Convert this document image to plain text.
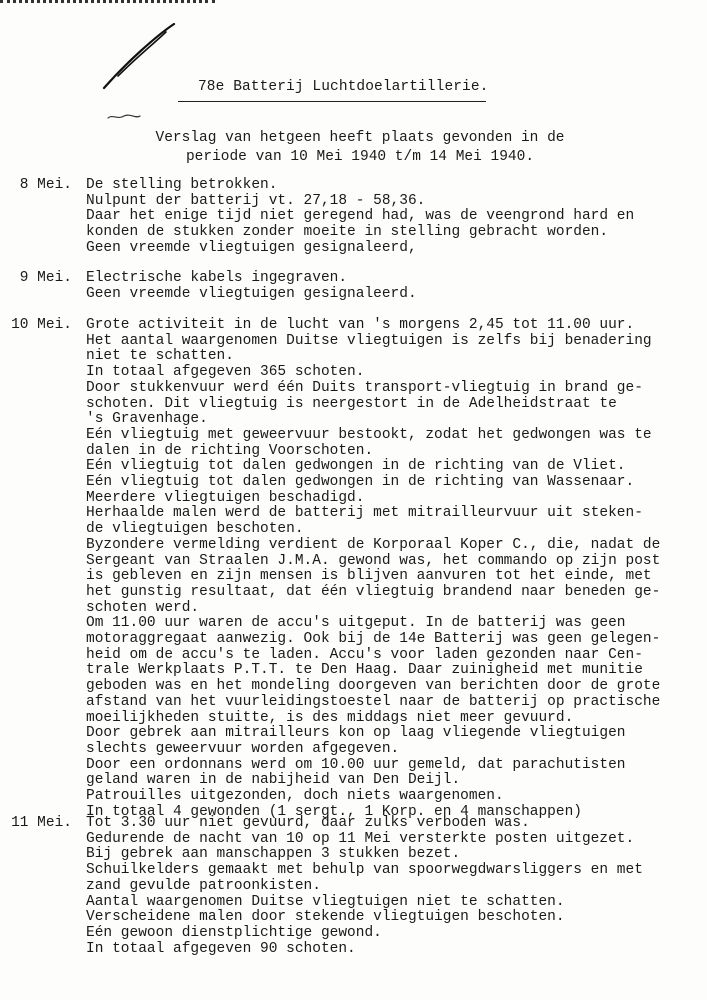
78e Batterij Luchtdoelartillerie.
Verslag van hetgeen heeft plaats gevonden in de
periode van 10 Mei 1940 t/m 14 Mei 1940.
8 Mei. De stelling betrokken.
Nulpunt der batterij vt. 27,18 - 58,36.
Daar het enige tijd niet geregend had, was de veengrond hard en
konden de stukken zonder moeite in stelling gebracht worden.
Geen vreemde vliegtuigen gesignaleerd,
9 Mei. Electrische kabels ingegraven.
Geen vreemde vliegtuigen gesignaleerd.
10 Mei. Grote activiteit in de lucht van 's morgens 2,45 tot 11.00 uur.
Het aantal waargenomen Duitse vliegtuigen is zelfs bij benadering
niet te schatten.
In totaal afgegeven 365 schoten.
Door stukkenvuur werd één Duits transport-vliegtuig in brand ge-
schoten. Dit vliegtuig is neergestort in de Adelheidstraat te
's Gravenhage.
Eén vliegtuig met geweervuur bestookt, zodat het gedwongen was te
dalen in de richting Voorschoten.
Eén vliegtuig tot dalen gedwongen in de richting van de Vliet.
Eén vliegtuig tot dalen gedwongen in de richting van Wassenaar.
Meerdere vliegtuigen beschadigd.
Herhaalde malen werd de batterij met mitrailleurvuur uit steken-
de vliegtuigen beschoten.
Byzondere vermelding verdient de Korporaal Koper C., die, nadat de
Sergeant van Straalen J.M.A. gewond was, het commando op zijn post
is gebleven en zijn mensen is blijven aanvuren tot het einde, met
het gunstig resultaat, dat één vliegtuig brandend naar beneden ge-
schoten werd.
Om 11.00 uur waren de accu's uitgeput. In de batterij was geen
motoraggregaat aanwezig. Ook bij de 14e Batterij was geen gelegen-
heid om de accu's te laden. Accu's voor laden gezonden naar Cen-
trale Werkplaats P.T.T. te Den Haag. Daar zuinigheid met munitie
geboden was en het mondeling doorgeven van berichten door de grote
afstand van het vuurleidingstoestel naar de batterij op practische
moeilijkheden stuitte, is des middags niet meer gevuurd.
Door gebrek aan mitrailleurs kon op laag vliegende vliegtuigen
slechts geweervuur worden afgegeven.
Door een ordonnans werd om 10.00 uur gemeld, dat parachutisten
geland waren in de nabijheid van Den Deijl.
Patrouilles uitgezonden, doch niets waargenomen.
In totaal 4 gewonden (1 sergt., 1 Korp. en 4 manschappen)
11 Mei. Tot 3.30 uur niet gevuurd, daar zulks verboden was.
Gedurende de nacht van 10 op 11 Mei versterkte posten uitgezet.
Bij gebrek aan manschappen 3 stukken bezet.
Schuilkelders gemaakt met behulp van spoorwegdwarsliggers en met
zand gevulde patroonkisten.
Aantal waargenomen Duitse vliegtuigen niet te schatten.
Verscheidene malen door stekende vliegtuigen beschoten.
Eén gewoon dienstplichtige gewond.
In totaal afgegeven 90 schoten.
